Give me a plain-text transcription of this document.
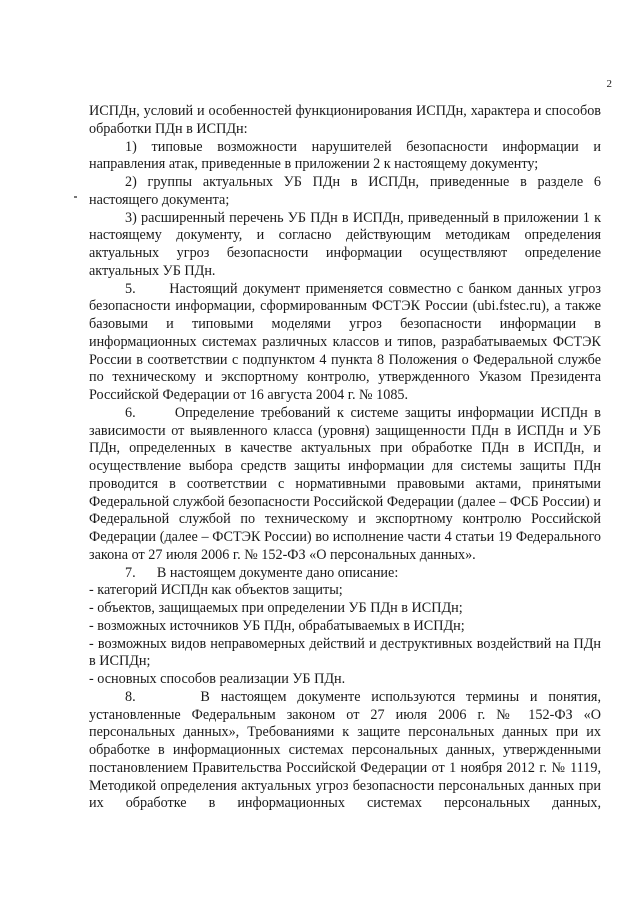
2

ИСПДн, условий и особенностей функционирования ИСПДн, характера и способов обработки ПДн в ИСПДн:

1) типовые возможности нарушителей безопасности информации и направления атак, приведенные в приложении 2 к настоящему документу;

2) группы актуальных УБ ПДн в ИСПДн, приведенные в разделе 6 настоящего документа;

3) расширенный перечень УБ ПДн в ИСПДн, приведенный в приложении 1 к настоящему документу, и согласно действующим методикам определения актуальных угроз безопасности информации осуществляют определение актуальных УБ ПДн.

5.      Настоящий документ применяется совместно с банком данных угроз безопасности информации, сформированным ФСТЭК России (ubi.fstec.ru), а также базовыми и типовыми моделями угроз безопасности информации в информационных системах различных классов и типов, разрабатываемых ФСТЭК России в соответствии с подпунктом 4 пункта 8 Положения о Федеральной службе по техническому и экспортному контролю, утвержденного Указом Президента Российской Федерации от 16 августа 2004 г. № 1085.

6.      Определение требований к системе защиты информации ИСПДн в зависимости от выявленного класса (уровня) защищенности ПДн в ИСПДн и УБ ПДн, определенных в качестве актуальных при обработке ПДн в ИСПДн, и осуществление выбора средств защиты информации для системы защиты ПДн проводится в соответствии с нормативными правовыми актами, принятыми Федеральной службой безопасности Российской Федерации (далее – ФСБ России) и Федеральной службой по техническому и экспортному контролю Российской Федерации (далее – ФСТЭК России) во исполнение части 4 статьи 19 Федерального закона от 27 июля 2006 г. № 152-ФЗ «О персональных данных».

7.      В настоящем документе дано описание:

- категорий ИСПДн как объектов защиты;

- объектов, защищаемых при определении УБ ПДн в ИСПДн;

- возможных источников УБ ПДн, обрабатываемых в ИСПДн;

- возможных видов неправомерных действий и деструктивных воздействий на ПДн в ИСПДн;

- основных способов реализации УБ ПДн.

8.      В настоящем документе используются термины и понятия, установленные Федеральным законом от 27 июля 2006 г. № 152-ФЗ «О персональных данных», Требованиями к защите персональных данных при их обработке в информационных системах персональных данных, утвержденными постановлением Правительства Российской Федерации от 1 ноября 2012 г. № 1119, Методикой определения актуальных угроз безопасности персональных данных при их обработке в информационных системах персональных данных,
